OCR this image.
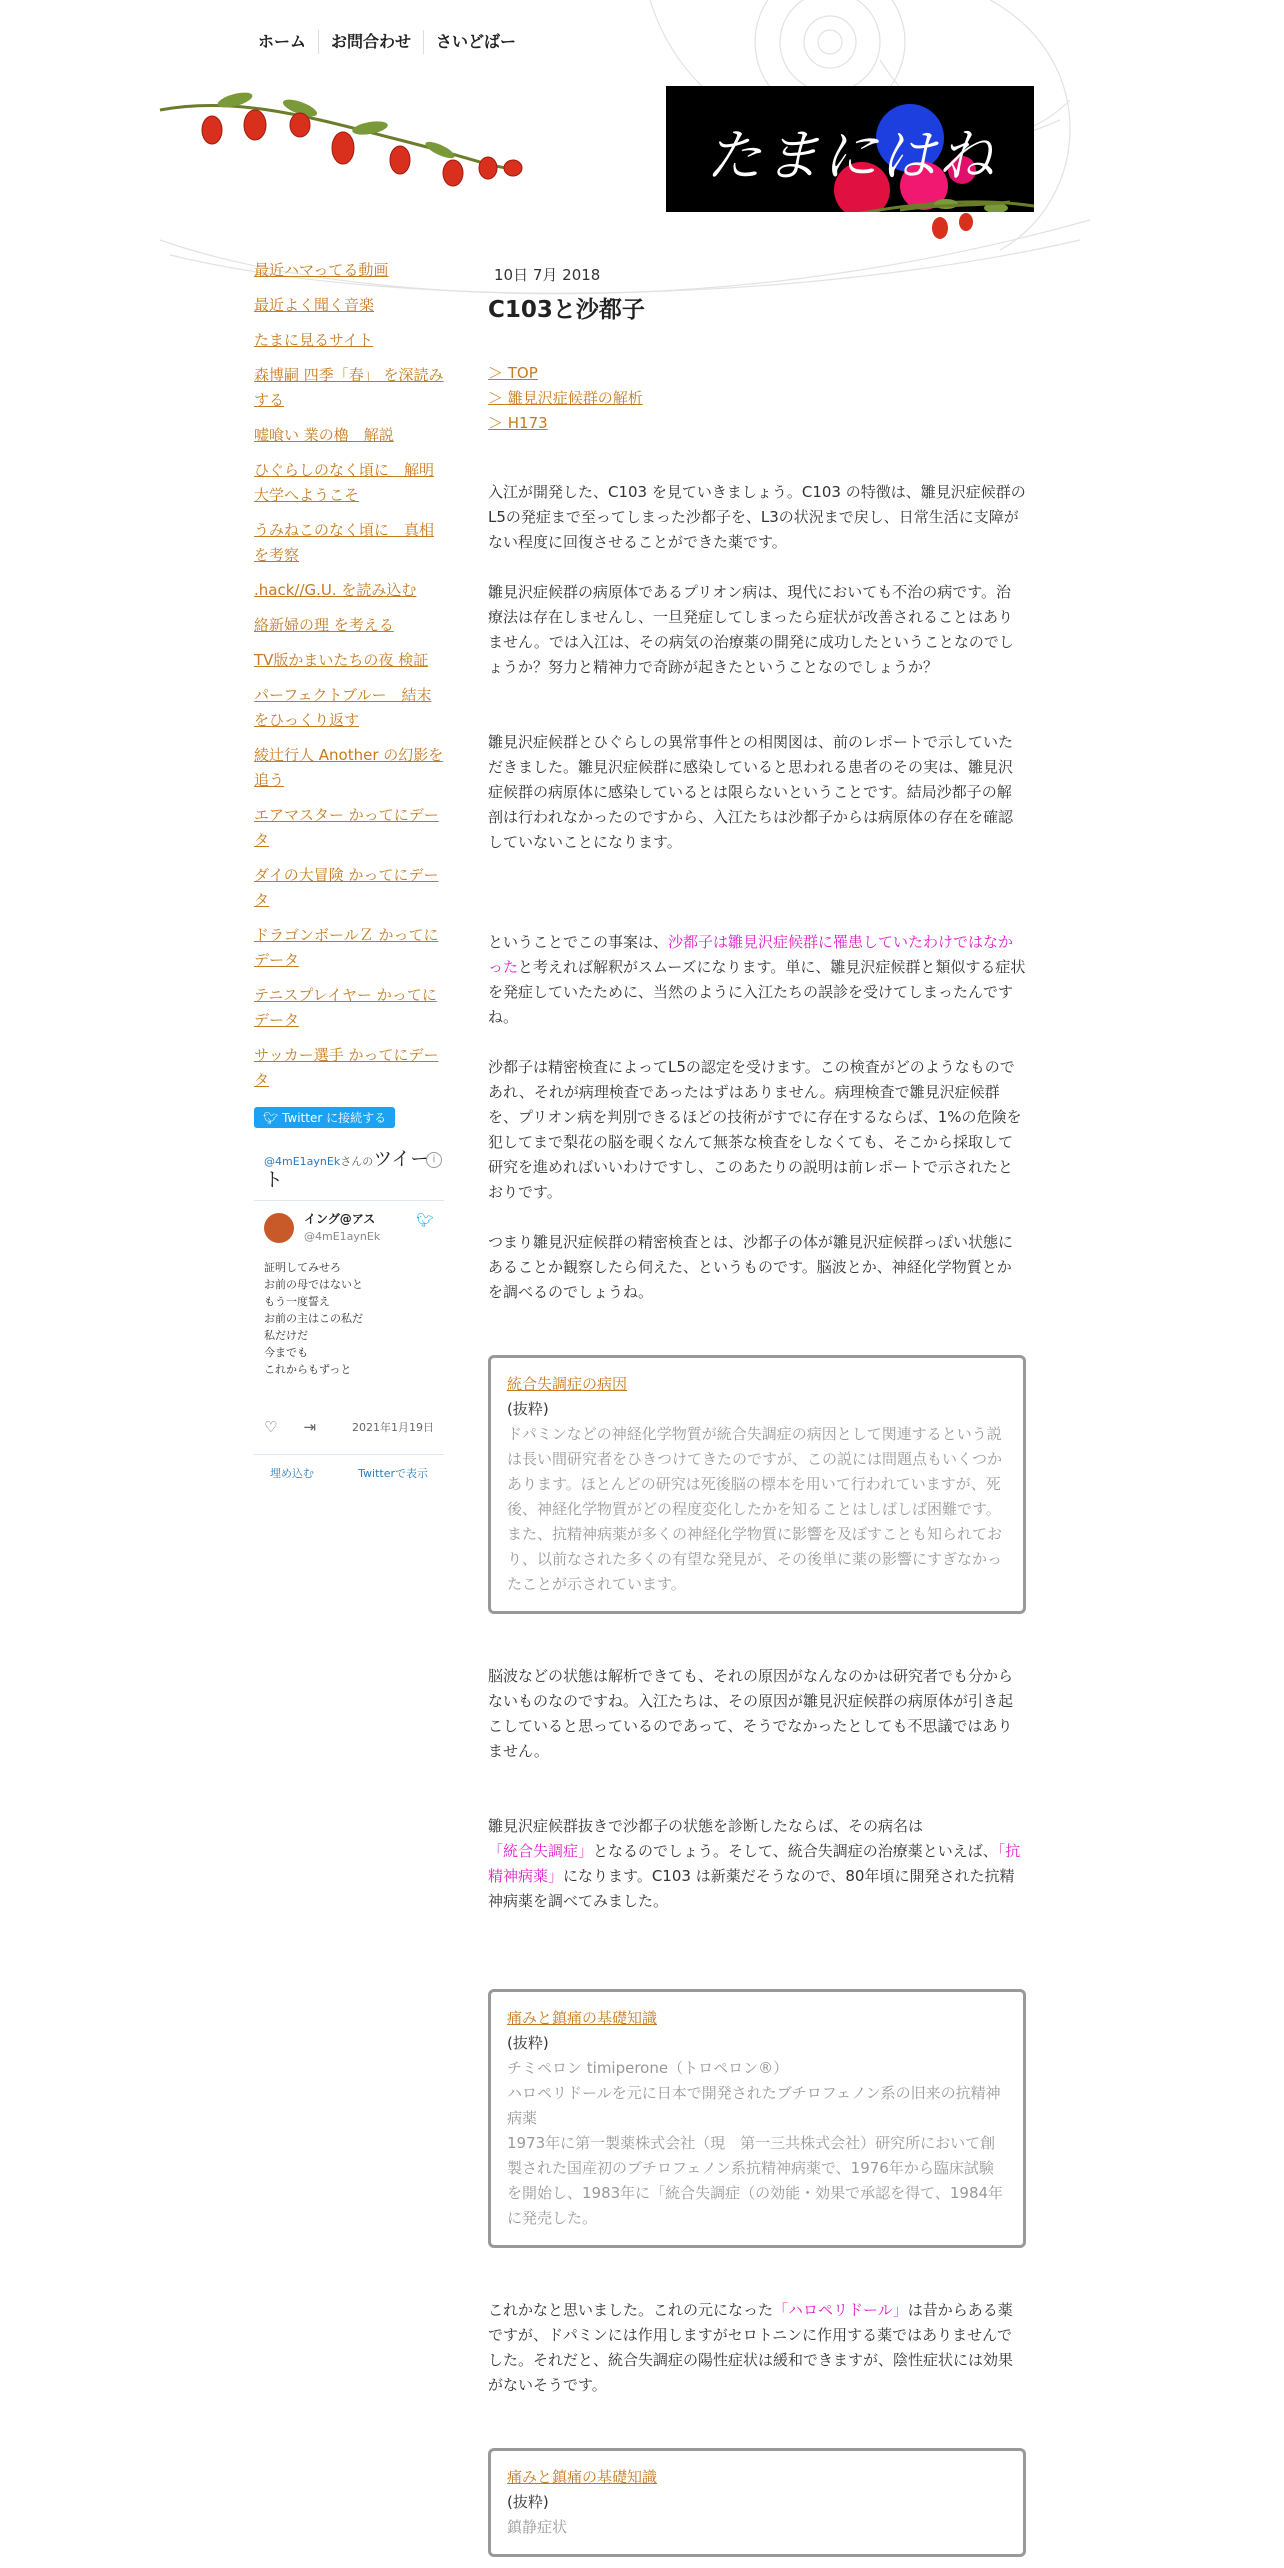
ホーム	お問合わせ	さいどばー
たまにはね
最近ハマってる動画
最近よく聞く音楽
たまに見るサイト
森博嗣 四季「春」 を深読みする
嘘喰い 業の櫓　解説
ひぐらしのなく頃に　解明大学へようこそ
うみねこのなく頃に　真相を考察
.hack//G.U. を読み込む
絡新婦の理 を考える
TV版かまいたちの夜 検証
パーフェクトブルー　結末をひっくり返す
綾辻行人 Another の幻影を追う
エアマスター かってにデータ
ダイの大冒険 かってにデータ
ドラゴンボールＺ かってにデータ
テニスプレイヤー かってにデータ
サッカー選手 かってにデータ
🐦︎ Twitter に接続する
@4mE1aynEkさんのツイート
i
イング@アス
@4mE1aynEk
🐦︎
証明してみせろ
お前の母ではないと
もう一度誓え
お前の主はこの私だ
私だけだ
今までも
これからもずっと
♡ ⇥	2021年1月19日
埋め込む	Twitterで表示
10日 7月 2018
C103と沙都子
＞ TOP
＞ 雛見沢症候群の解析
＞ H173

入江が開発した、C103 を見ていきましょう。C103 の特徴は、雛見沢症候群のL5の発症まで至ってしまった沙都子を、L3の状況まで戻し、日常生活に支障がない程度に回復させることができた薬です。

雛見沢症候群の病原体であるプリオン病は、現代においても不治の病です。治療法は存在しませんし、一旦発症してしまったら症状が改善されることはありません。では入江は、その病気の治療薬の開発に成功したということなのでしょうか？努力と精神力で奇跡が起きたということなのでしょうか？

雛見沢症候群とひぐらしの異常事件との相関図は、前のレポートで示していただきました。雛見沢症候群に感染していると思われる患者のその実は、雛見沢症候群の病原体に感染しているとは限らないということです。結局沙都子の解剖は行われなかったのですから、入江たちは沙都子からは病原体の存在を確認していないことになります。

ということでこの事案は、沙都子は雛見沢症候群に罹患していたわけではなかったと考えれば解釈がスムーズになります。単に、雛見沢症候群と類似する症状を発症していたために、当然のように入江たちの誤診を受けてしまったんですね。

沙都子は精密検査によってL5の認定を受けます。この検査がどのようなものであれ、それが病理検査であったはずはありません。病理検査で雛見沢症候群を、プリオン病を判別できるほどの技術がすでに存在するならば、1%の危険を犯してまで梨花の脳を覗くなんて無茶な検査をしなくても、そこから採取して研究を進めればいいわけですし、このあたりの説明は前レポートで示されたとおりです。

つまり雛見沢症候群の精密検査とは、沙都子の体が雛見沢症候群っぽい状態にあることか観察したら伺えた、というものです。脳波とか、神経化学物質とかを調べるのでしょうね。

統合失調症の病因
(抜粋)
ドパミンなどの神経化学物質が統合失調症の病因として関連するという説は長い間研究者をひきつけてきたのですが、この説には問題点もいくつかあります。ほとんどの研究は死後脳の標本を用いて行われていますが、死後、神経化学物質がどの程度変化したかを知ることはしばしば困難です。また、抗精神病薬が多くの神経化学物質に影響を及ぼすことも知られており、以前なされた多くの有望な発見が、その後単に薬の影響にすぎなかったことが示されています。

脳波などの状態は解析できても、それの原因がなんなのかは研究者でも分からないものなのですね。入江たちは、その原因が雛見沢症候群の病原体が引き起こしていると思っているのであって、そうでなかったとしても不思議ではありません。

雛見沢症候群抜きで沙都子の状態を診断したならば、その病名は「統合失調症」となるのでしょう。そして、統合失調症の治療薬といえば、「抗精神病薬」になります。C103 は新薬だそうなので、80年頃に開発された抗精神病薬を調べてみました。

痛みと鎮痛の基礎知識
(抜粋)
チミペロン timiperone（トロペロン®）
ハロペリドールを元に日本で開発されたブチロフェノン系の旧来の抗精神病薬
1973年に第一製薬株式会社（現　第一三共株式会社）研究所において創製された国産初のブチロフェノン系抗精神病薬で、1976年から臨床試験を開始し、1983年に「統合失調症（の効能・効果で承認を得て、1984年に発売した。

これかなと思いました。これの元になった「ハロペリドール」は昔からある薬ですが、ドパミンには作用しますがセロトニンに作用する薬ではありませんでした。それだと、統合失調症の陽性症状は緩和できますが、陰性症状には効果がないそうです。

痛みと鎮痛の基礎知識
(抜粋)
鎮静症状
